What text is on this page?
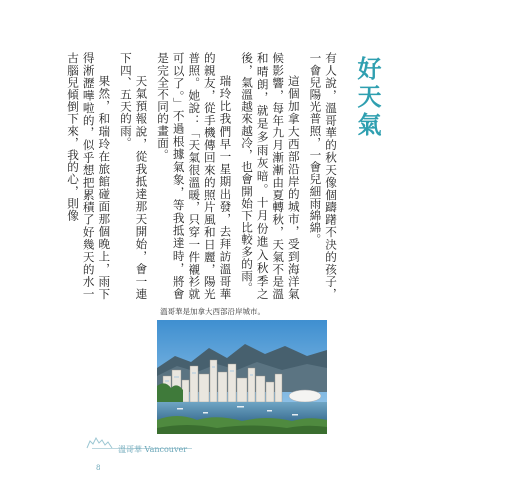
好天氣

有人說，溫哥華的秋天像個躊躇不決的孩子，一會兒陽光普照，一會兒細雨綿綿。

這個加拿大西部沿岸的城市，受到海洋氣候影響，每年九月漸漸由夏轉秋，天氣不是溫和晴朗，就是多雨灰暗。十月份進入秋季之後，氣溫越來越冷，也會開始下比較多的雨。

瑞玲比我們早一星期出發，去拜訪溫哥華的親友，從手機傳回來的照片風和日麗，陽光普照。她說：「天氣很溫暖，只穿一件襯衫就可以了。」不過根據氣象，等我抵達時，將會是完全不同的畫面。

天氣預報說，從我抵達那天開始，會一連下四、五天的雨。

果然，和瑞玲在旅館碰面那個晚上，雨下得淅瀝嘩啦的，似乎想把累積了好幾天的水一古腦兒傾倒下來，我的心，則像

溫哥華是加拿大西部沿岸城市。
溫哥華 Vancouver
8
